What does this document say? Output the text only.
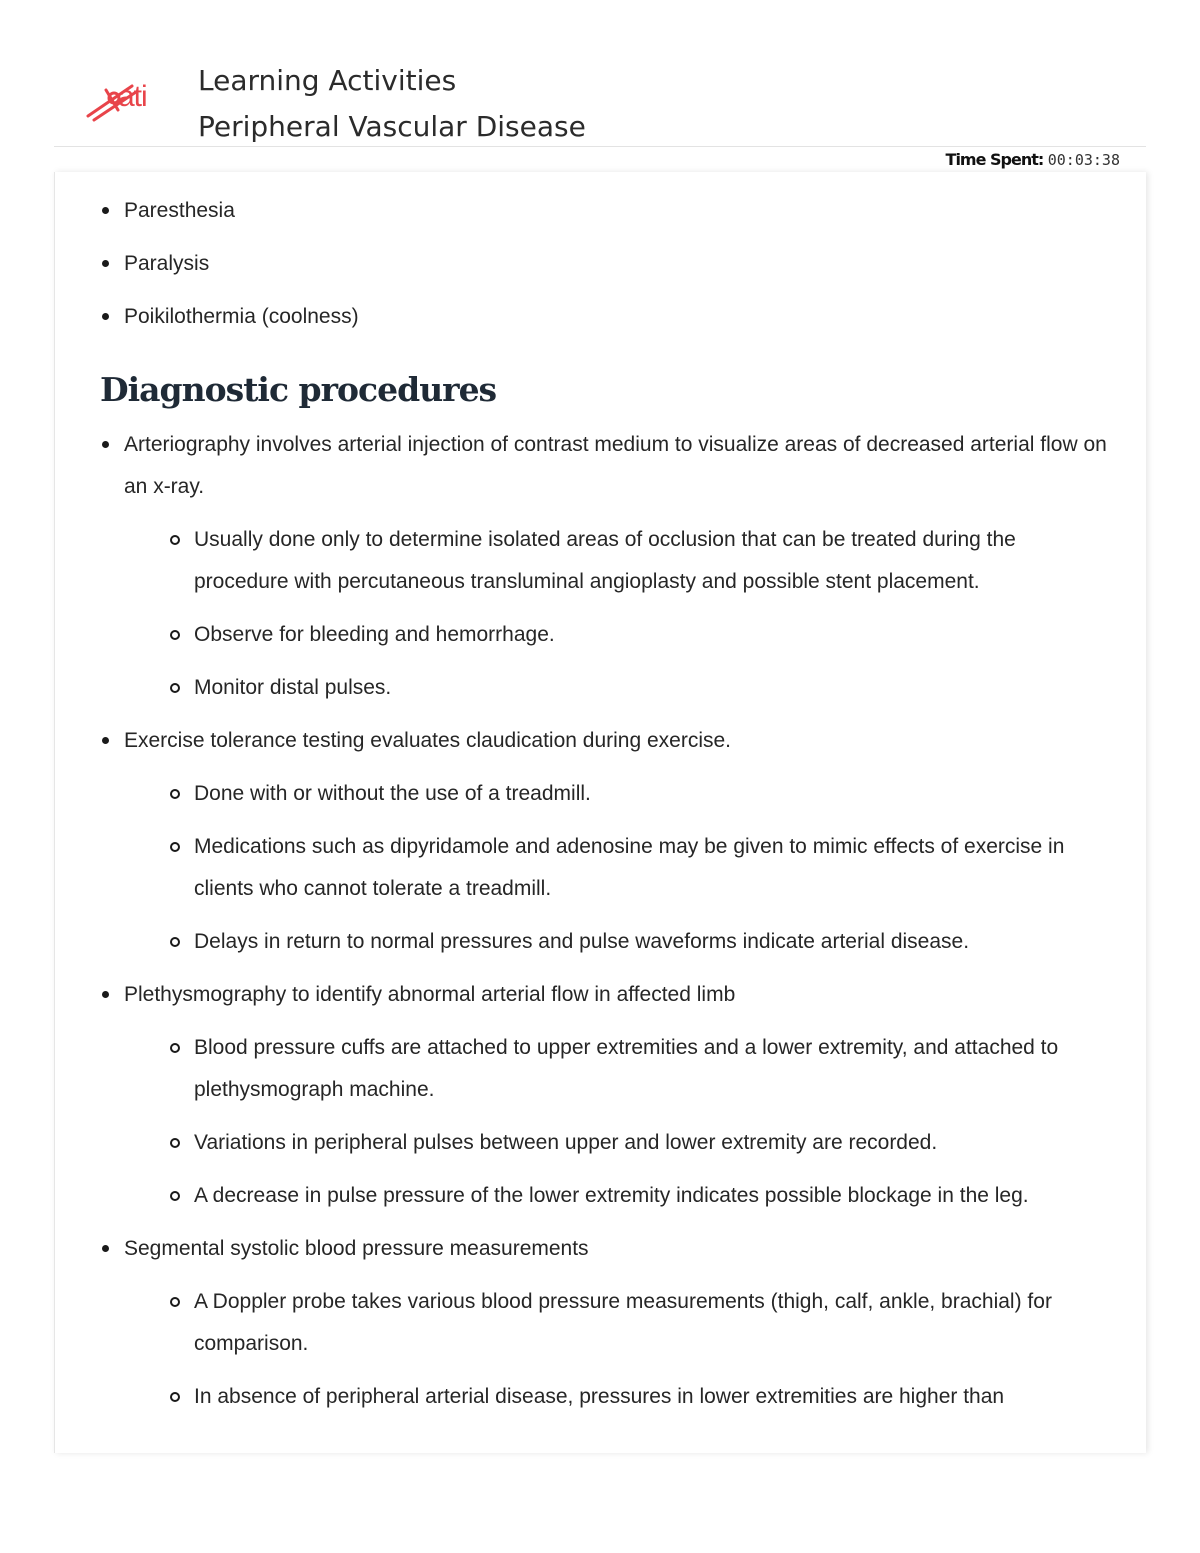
ati Learning Activities
Peripheral Vascular Disease
Time Spent: 00:03:38
Paresthesia
Paralysis
Poikilothermia (coolness)
Diagnostic procedures
Arteriography involves arterial injection of contrast medium to visualize areas of decreased arterial flow on an x-ray.
Usually done only to determine isolated areas of occlusion that can be treated during the procedure with percutaneous transluminal angioplasty and possible stent placement.
Observe for bleeding and hemorrhage.
Monitor distal pulses.
Exercise tolerance testing evaluates claudication during exercise.
Done with or without the use of a treadmill.
Medications such as dipyridamole and adenosine may be given to mimic effects of exercise in clients who cannot tolerate a treadmill.
Delays in return to normal pressures and pulse waveforms indicate arterial disease.
Plethysmography to identify abnormal arterial flow in affected limb
Blood pressure cuffs are attached to upper extremities and a lower extremity, and attached to plethysmograph machine.
Variations in peripheral pulses between upper and lower extremity are recorded.
A decrease in pulse pressure of the lower extremity indicates possible blockage in the leg.
Segmental systolic blood pressure measurements
A Doppler probe takes various blood pressure measurements (thigh, calf, ankle, brachial) for comparison.
In absence of peripheral arterial disease, pressures in lower extremities are higher than
